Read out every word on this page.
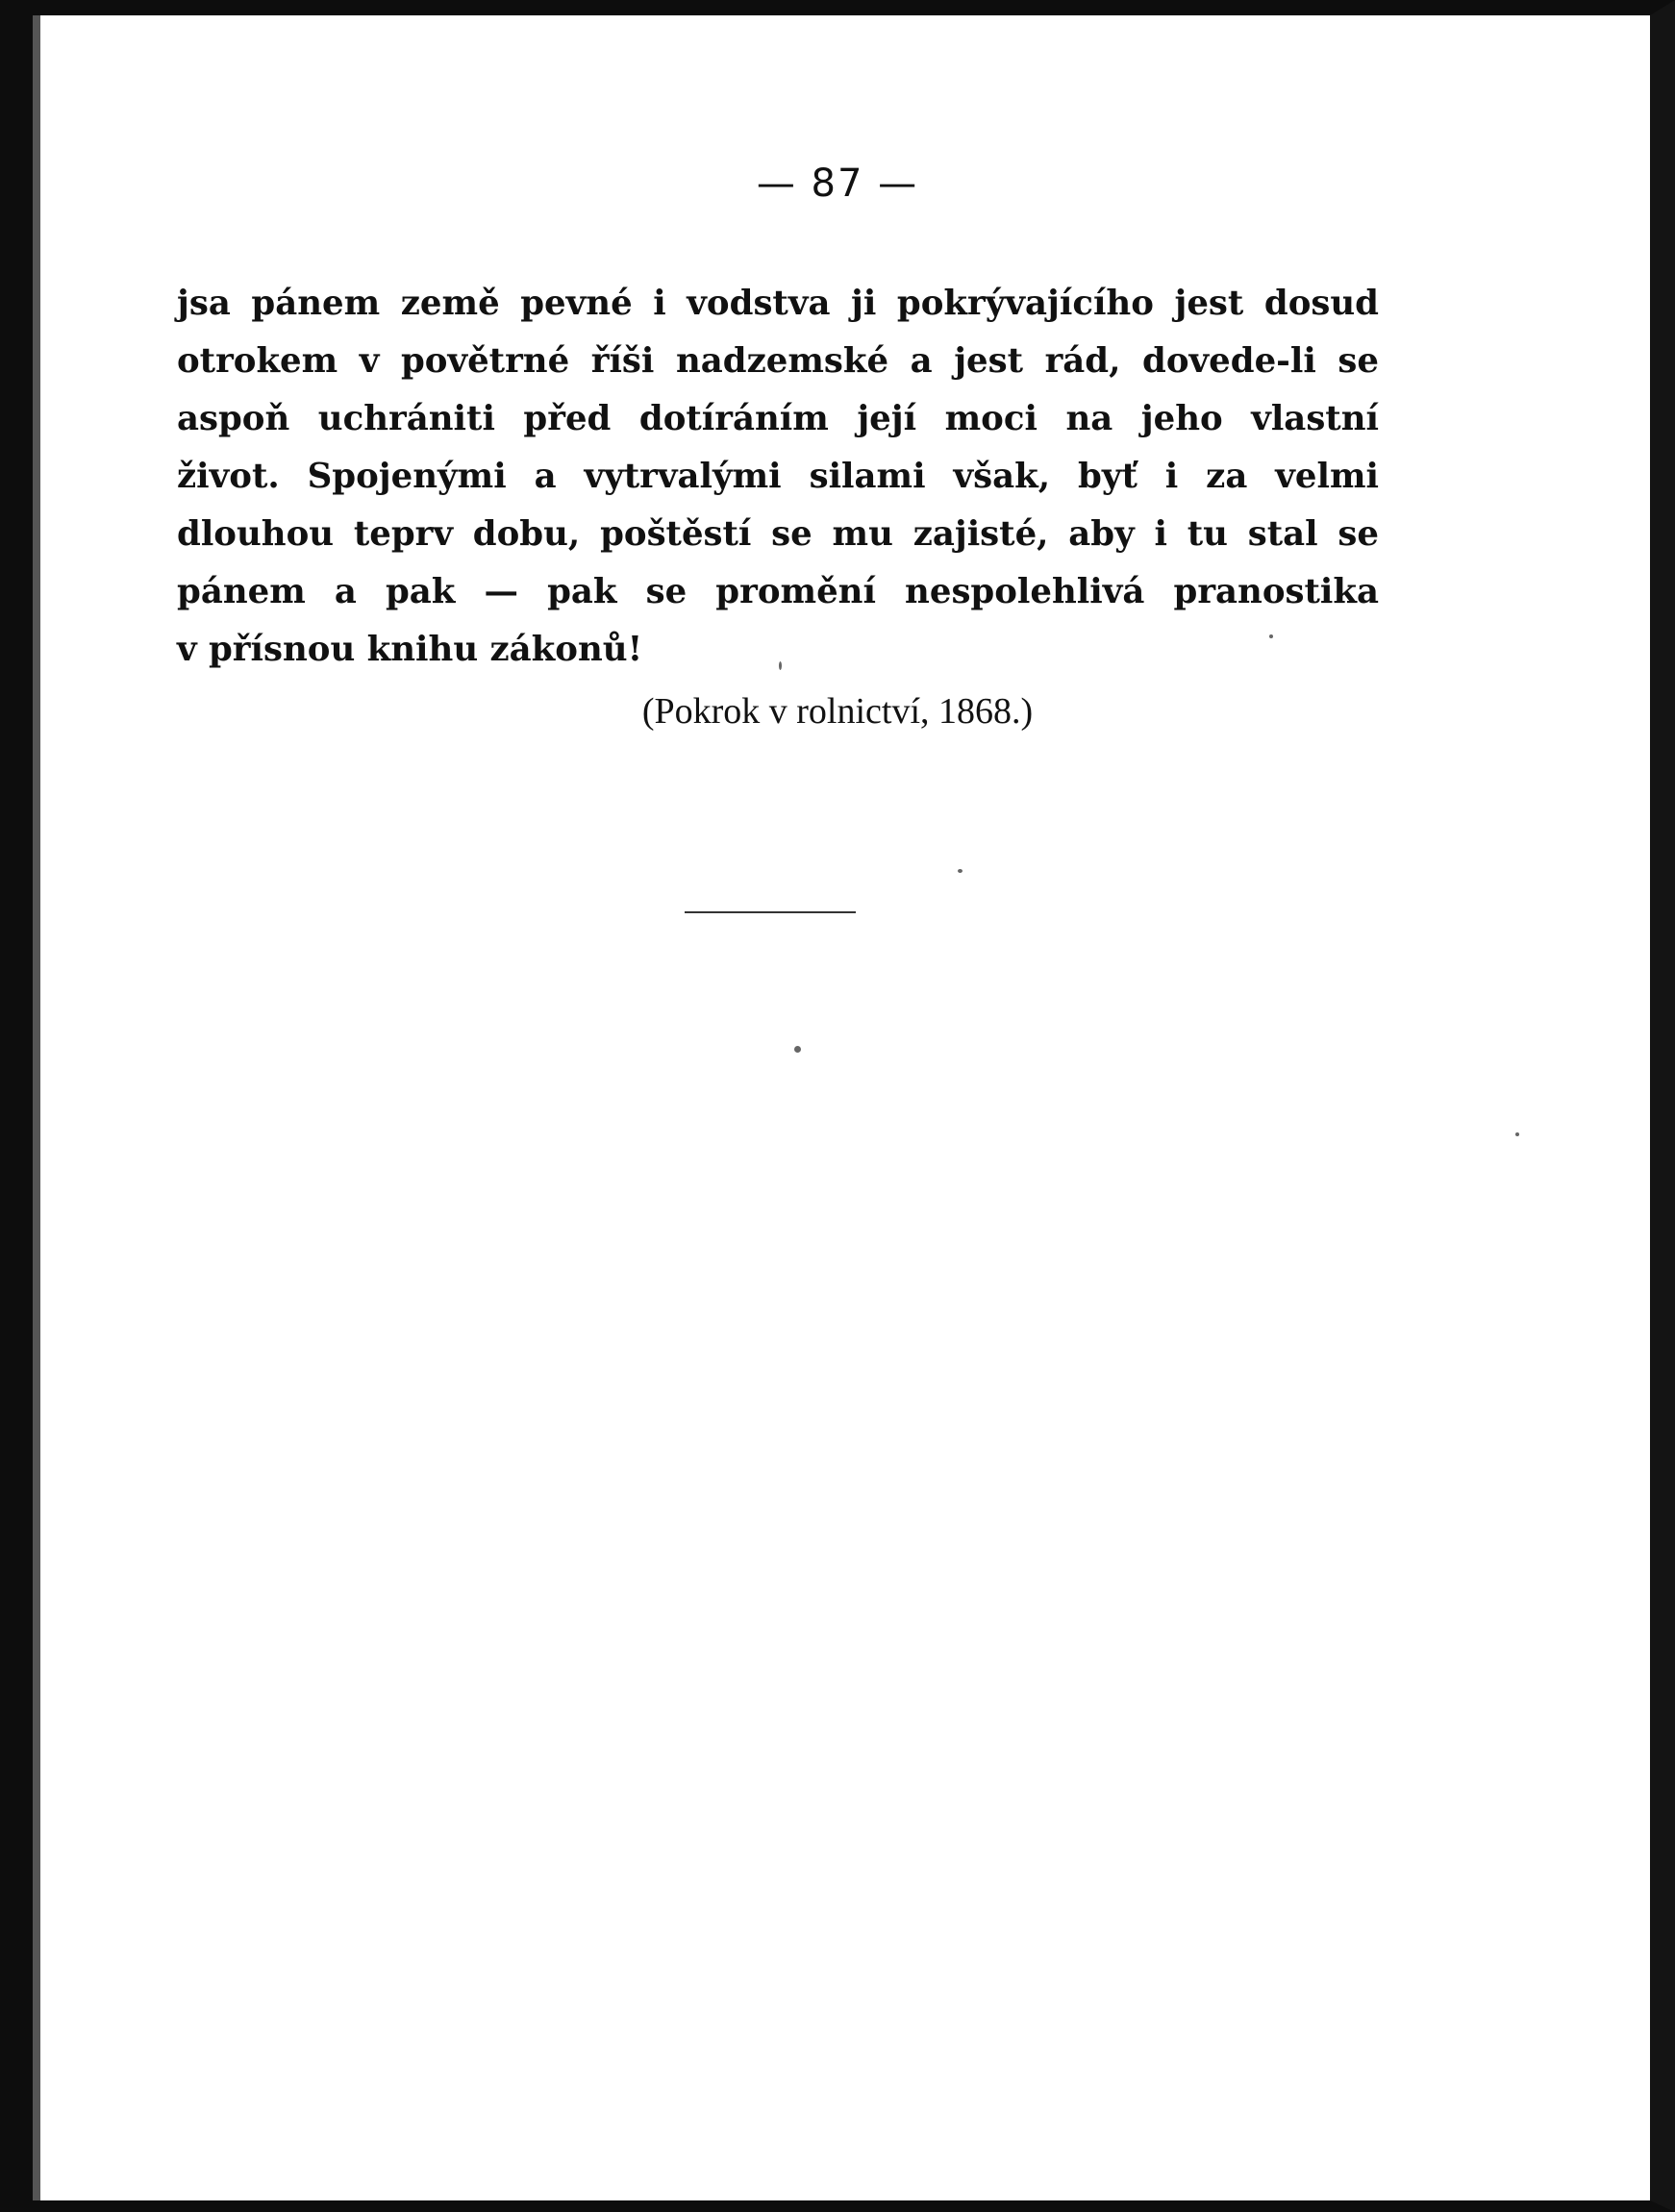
— 87 —
jsa pánem země pevné i vodstva ji pokrývajícího jest dosud
otrokem v povětrné říši nadzemské a jest rád, dovede-li se
aspoň uchrániti před dotíráním její moci na jeho vlastní
život. Spojenými a vytrvalými silami však, byť i za velmi
dlouhou teprv dobu, poštěstí se mu zajisté, aby i tu stal se
pánem a pak — pak se promění nespolehlivá pranostika
v přísnou knihu zákonů!
(Pokrok v rolnictví, 1868.)
